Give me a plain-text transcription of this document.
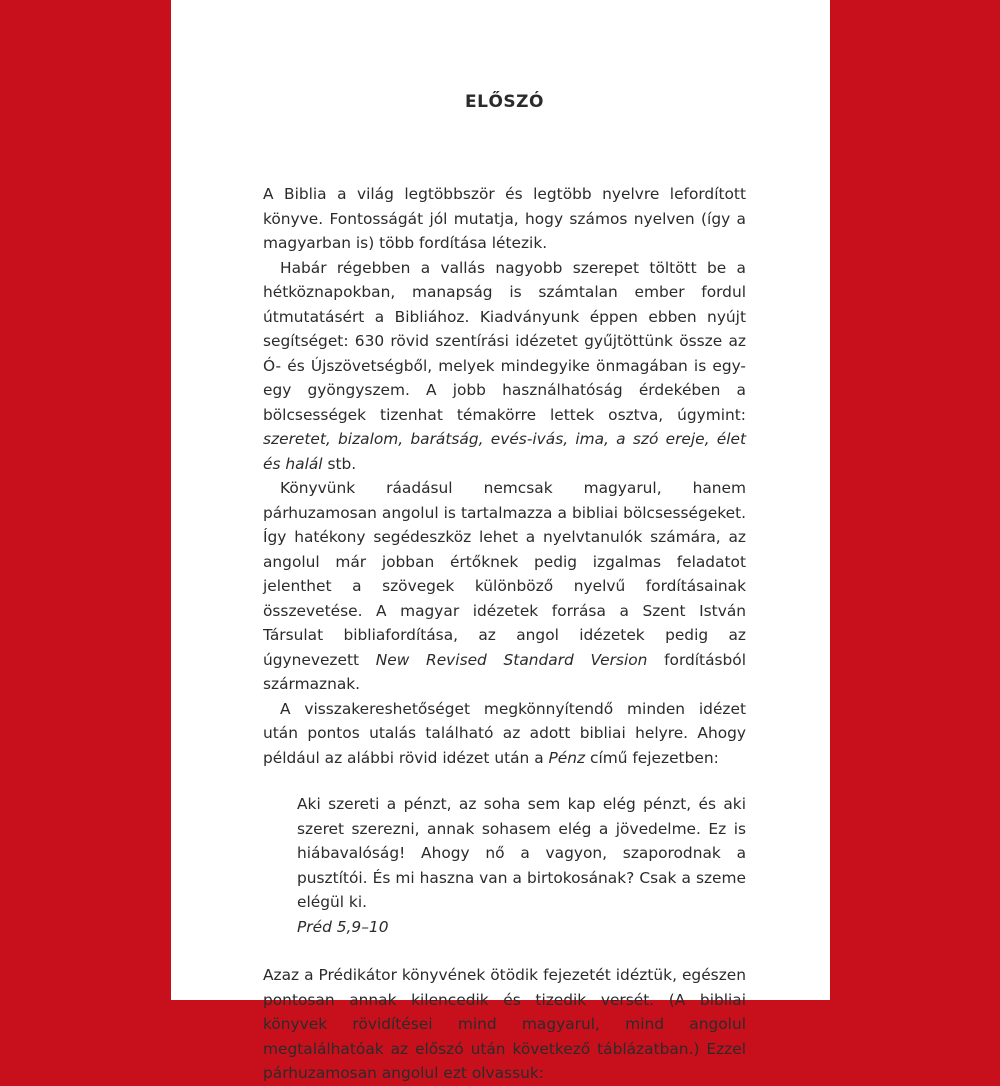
ELŐSZÓ

A Biblia a világ legtöbbször és legtöbb nyelvre lefordított könyve. Fontosságát jól mutatja, hogy számos nyelven (így a magyarban is) több fordítása létezik.

Habár régebben a vallás nagyobb szerepet töltött be a hétköznapokban, manapság is számtalan ember fordul útmutatásért a Bibliához. Kiadványunk éppen ebben nyújt segítséget: 630 rövid szentírási idézetet gyűjtöttünk össze az Ó- és Újszövetségből, melyek mindegyike önmagában is egy-egy gyöngyszem. A jobb használhatóság érdekében a bölcsességek tizenhat témakörre lettek osztva, úgymint: szeretet, bizalom, barátság, evés-ivás, ima, a szó ereje, élet és halál stb.

Könyvünk ráadásul nemcsak magyarul, hanem párhuzamosan angolul is tartalmazza a bibliai bölcsességeket. Így hatékony segédeszköz lehet a nyelvtanulók számára, az angolul már jobban értőknek pedig izgalmas feladatot jelenthet a szövegek különböző nyelvű fordításainak összevetése. A magyar idézetek forrása a Szent István Társulat bibliafordítása, az angol idézetek pedig az úgynevezett New Revised Standard Version fordításból származnak.

A visszakereshetőséget megkönnyítendő minden idézet után pontos utalás található az adott bibliai helyre. Ahogy például az alábbi rövid idézet után a Pénz című fejezetben:

Aki szereti a pénzt, az soha sem kap elég pénzt, és aki szeret szerezni, annak sohasem elég a jövedelme. Ez is hiábavalóság! Ahogy nő a vagyon, szaporodnak a pusztítói. És mi haszna van a birtokosának? Csak a szeme elégül ki.
Préd 5,9–10

Azaz a Prédikátor könyvének ötödik fejezetét idéztük, egészen pontosan annak kilencedik és tizedik versét. (A bibliai könyvek rövidítései mind magyarul, mind angolul megtalálhatóak az előszó után következő táblázatban.) Ezzel párhuzamosan angolul ezt olvassuk:
